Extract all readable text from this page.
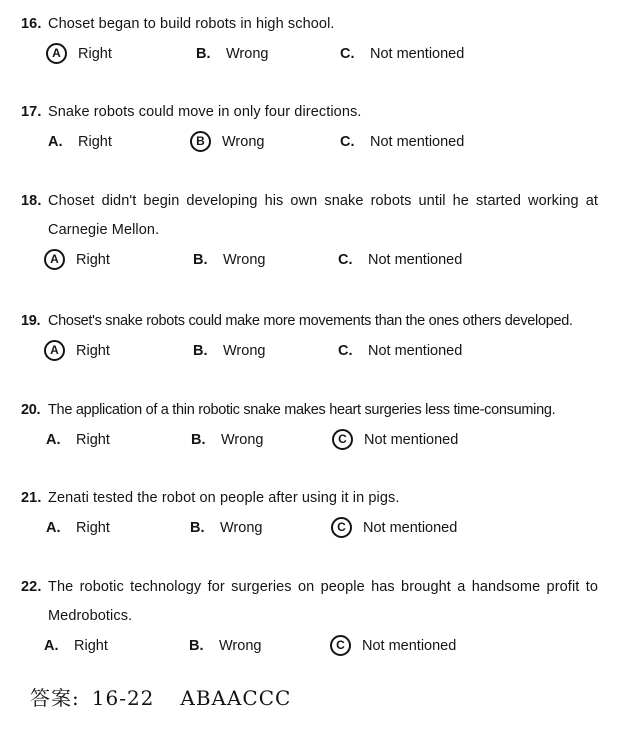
16. Choset began to build robots in high school.
A Right	B. Wrong	C. Not mentioned
17. Snake robots could move in only four directions.
A. Right	B Wrong	C. Not mentioned
18. Choset didn't begin developing his own snake robots until he started working at Carnegie Mellon.
A Right	B. Wrong	C. Not mentioned
19. Choset's snake robots could make more movements than the ones others developed.
A Right	B. Wrong	C. Not mentioned
20. The application of a thin robotic snake makes heart surgeries less time-consuming.
A. Right	B. Wrong	C Not mentioned
21. Zenati tested the robot on people after using it in pigs.
A. Right	B. Wrong	C Not mentioned
22. The robotic technology for surgeries on people has brought a handsome profit to Medrobotics.
A. Right	B. Wrong	C Not mentioned
答案: 16-22 ABAACCC
